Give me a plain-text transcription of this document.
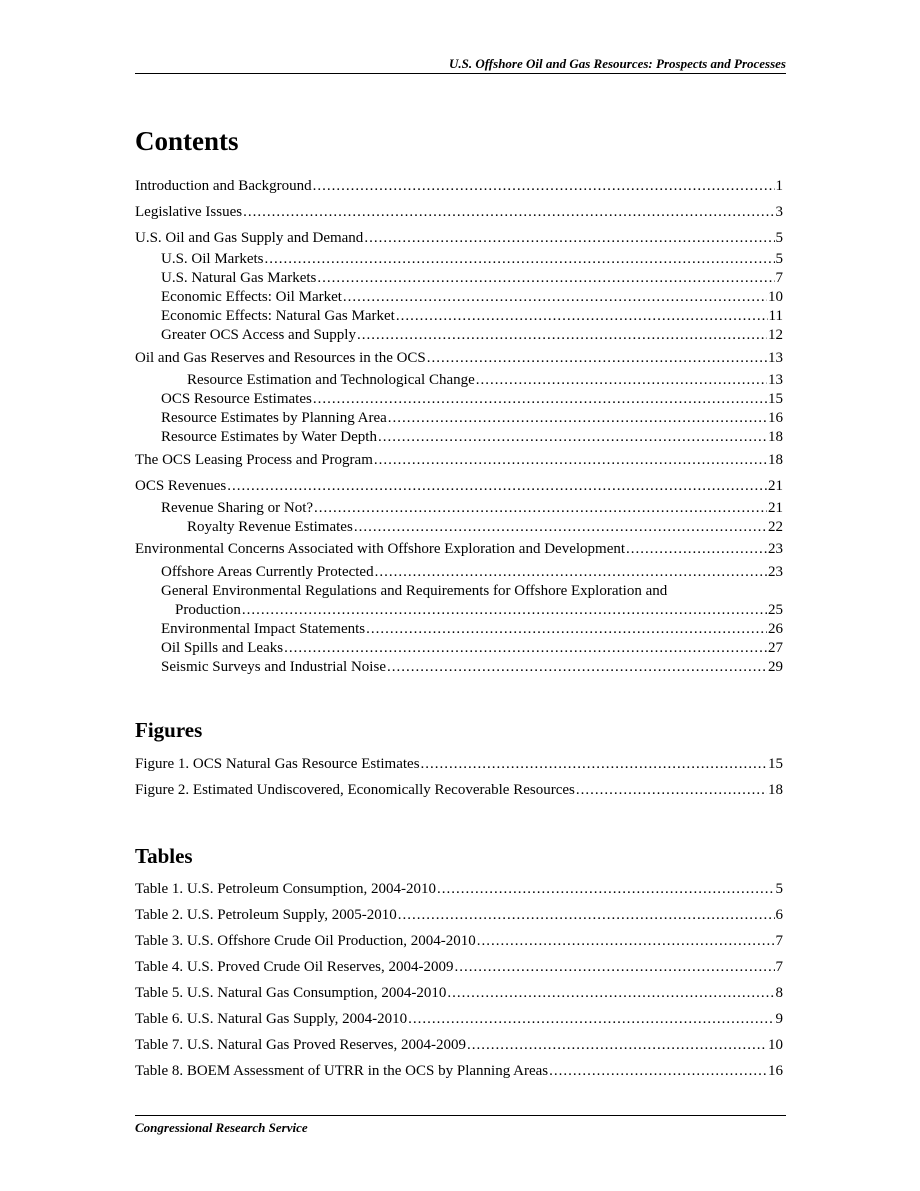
U.S. Offshore Oil and Gas Resources: Prospects and Processes
Contents
Introduction and Background .....	1
Legislative Issues .....	3
U.S. Oil and Gas Supply and Demand .....	5
U.S. Oil Markets .....	5
U.S. Natural Gas Markets .....	7
Economic Effects: Oil Market .....	10
Economic Effects: Natural Gas Market .....	11
Greater OCS Access and Supply .....	12
Oil and Gas Reserves and Resources in the OCS .....	13
Resource Estimation and Technological Change .....	13
OCS Resource Estimates .....	15
Resource Estimates by Planning Area .....	16
Resource Estimates by Water Depth .....	18
The OCS Leasing Process and Program .....	18
OCS Revenues .....	21
Revenue Sharing or Not? .....	21
Royalty Revenue Estimates .....	22
Environmental Concerns Associated with Offshore Exploration and Development .....	23
Offshore Areas Currently Protected .....	23
General Environmental Regulations and Requirements for Offshore Exploration and
Production .....	25
Environmental Impact Statements .....	26
Oil Spills and Leaks .....	27
Seismic Surveys and Industrial Noise .....	29
Figures
Figure 1. OCS Natural Gas Resource Estimates .....	15
Figure 2. Estimated Undiscovered, Economically Recoverable Resources .....	18
Tables
Table 1. U.S. Petroleum Consumption, 2004-2010 .....	5
Table 2. U.S. Petroleum Supply, 2005-2010 .....	6
Table 3. U.S. Offshore Crude Oil Production, 2004-2010 .....	7
Table 4. U.S. Proved Crude Oil Reserves, 2004-2009 .....	7
Table 5. U.S. Natural Gas Consumption, 2004-2010 .....	8
Table 6. U.S. Natural Gas Supply, 2004-2010 .....	9
Table 7. U.S. Natural Gas Proved Reserves, 2004-2009 .....	10
Table 8. BOEM Assessment of UTRR in the OCS by Planning Areas .....	16
Congressional Research Service
